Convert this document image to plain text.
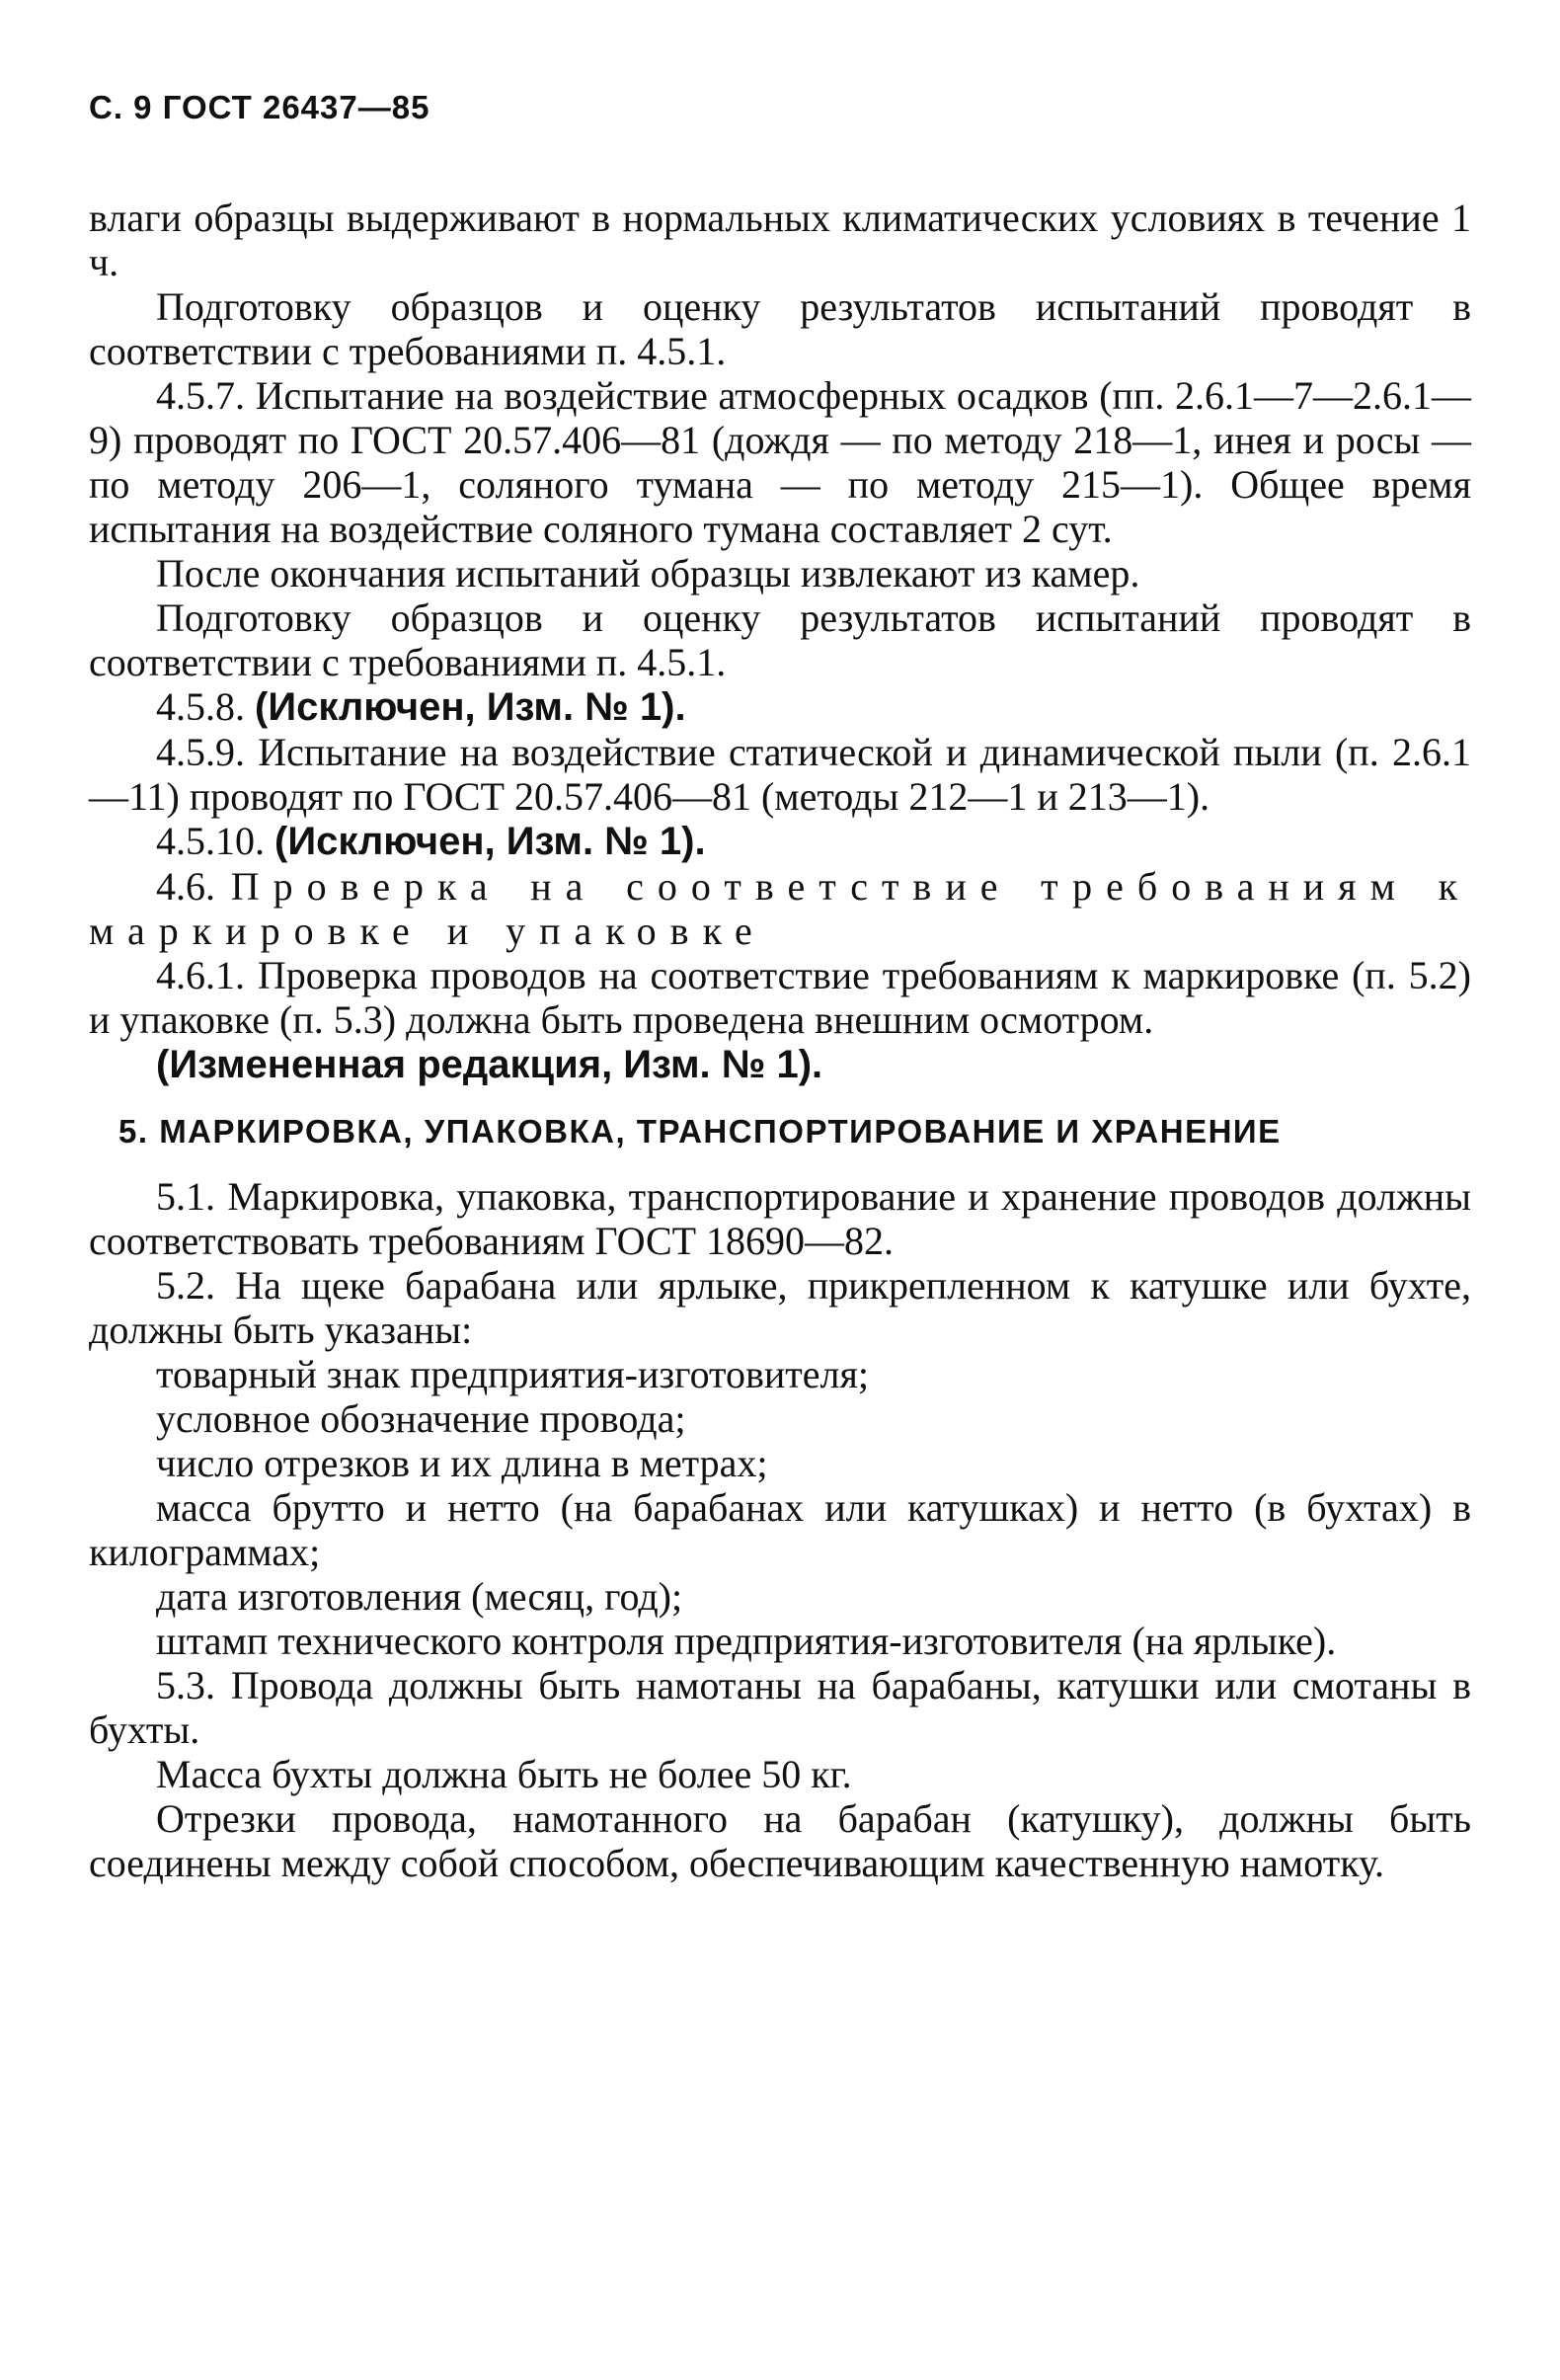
С. 9 ГОСТ 26437—85

влаги образцы выдерживают в нормальных климатических условиях в течение 1 ч.

Подготовку образцов и оценку результатов испытаний проводят в соответствии с требованиями п. 4.5.1.

4.5.7. Испытание на воздействие атмосферных осадков (пп. 2.6.1—7—2.6.1—9) проводят по ГОСТ 20.57.406—81 (дождя — по методу 218—1, инея и росы — по методу 206—1, соляного тумана — по методу 215—1). Общее время испытания на воздействие соляного тумана составляет 2 сут.

После окончания испытаний образцы извлекают из камер.

Подготовку образцов и оценку результатов испытаний проводят в соответствии с требованиями п. 4.5.1.

4.5.8. (Исключен, Изм. № 1).

4.5.9. Испытание на воздействие статической и динамической пыли (п. 2.6.1—11) проводят по ГОСТ 20.57.406—81 (методы 212—1 и 213—1).

4.5.10. (Исключен, Изм. № 1).

4.6. Проверка на соответствие требованиям к маркировке и упаковке

4.6.1. Проверка проводов на соответствие требованиям к маркировке (п. 5.2) и упаковке (п. 5.3) должна быть проведена внешним осмотром.

(Измененная редакция, Изм. № 1).

5. МАРКИРОВКА, УПАКОВКА, ТРАНСПОРТИРОВАНИЕ И ХРАНЕНИЕ

5.1. Маркировка, упаковка, транспортирование и хранение проводов должны соответствовать требованиям ГОСТ 18690—82.

5.2. На щеке барабана или ярлыке, прикрепленном к катушке или бухте, должны быть указаны:

товарный знак предприятия-изготовителя;

условное обозначение провода;

число отрезков и их длина в метрах;

масса брутто и нетто (на барабанах или катушках) и нетто (в бухтах) в килограммах;

дата изготовления (месяц, год);

штамп технического контроля предприятия-изготовителя (на ярлыке).

5.3. Провода должны быть намотаны на барабаны, катушки или смотаны в бухты.

Масса бухты должна быть не более 50 кг.

Отрезки провода, намотанного на барабан (катушку), должны быть соединены между собой способом, обеспечивающим качественную намотку.
